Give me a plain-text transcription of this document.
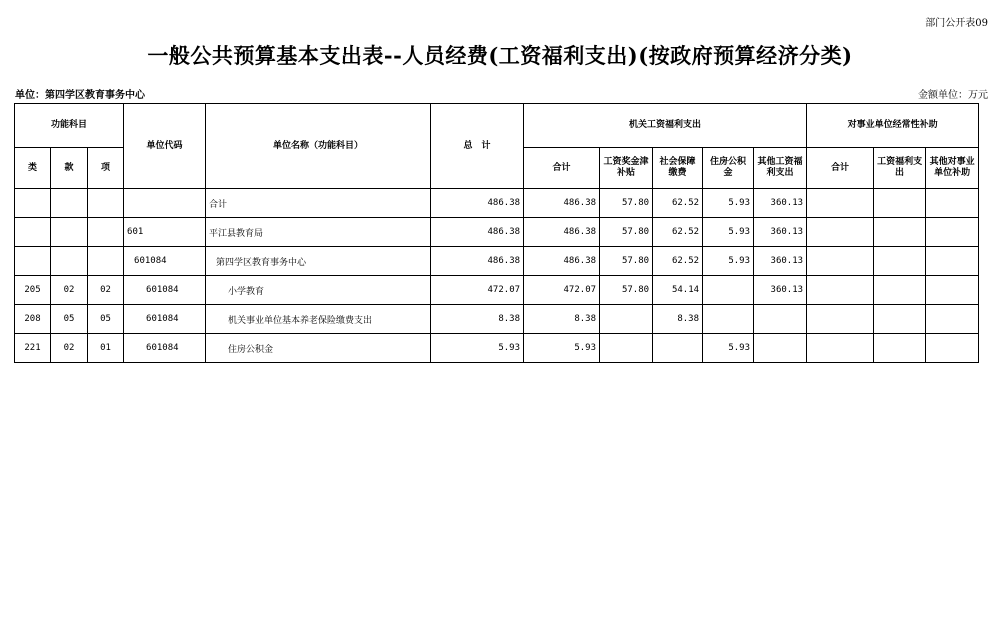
部门公开表09
一般公共预算基本支出表--人员经费(工资福利支出)(按政府预算经济分类)
单位：第四学区教育事务中心	金额单位：万元
功能科目			单位代码	单位名称（功能科目）	总　计	机关工资福利支出					对事业单位经常性补助		
类	款	项				合计	工资奖金津补贴	社会保障缴费	住房公积金	其他工资福利支出	合计	工资福利支出	其他对事业单位补助
				合计	486.38	486.38	57.80	62.52	5.93	360.13			
			601	平江县教育局	486.38	486.38	57.80	62.52	5.93	360.13			
			601084	第四学区教育事务中心	486.38	486.38	57.80	62.52	5.93	360.13			
205	02	02	601084	小学教育	472.07	472.07	57.80	54.14		360.13			
208	05	05	601084	机关事业单位基本养老保险缴费支出	8.38	8.38		8.38					
221	02	01	601084	住房公积金	5.93	5.93			5.93				
